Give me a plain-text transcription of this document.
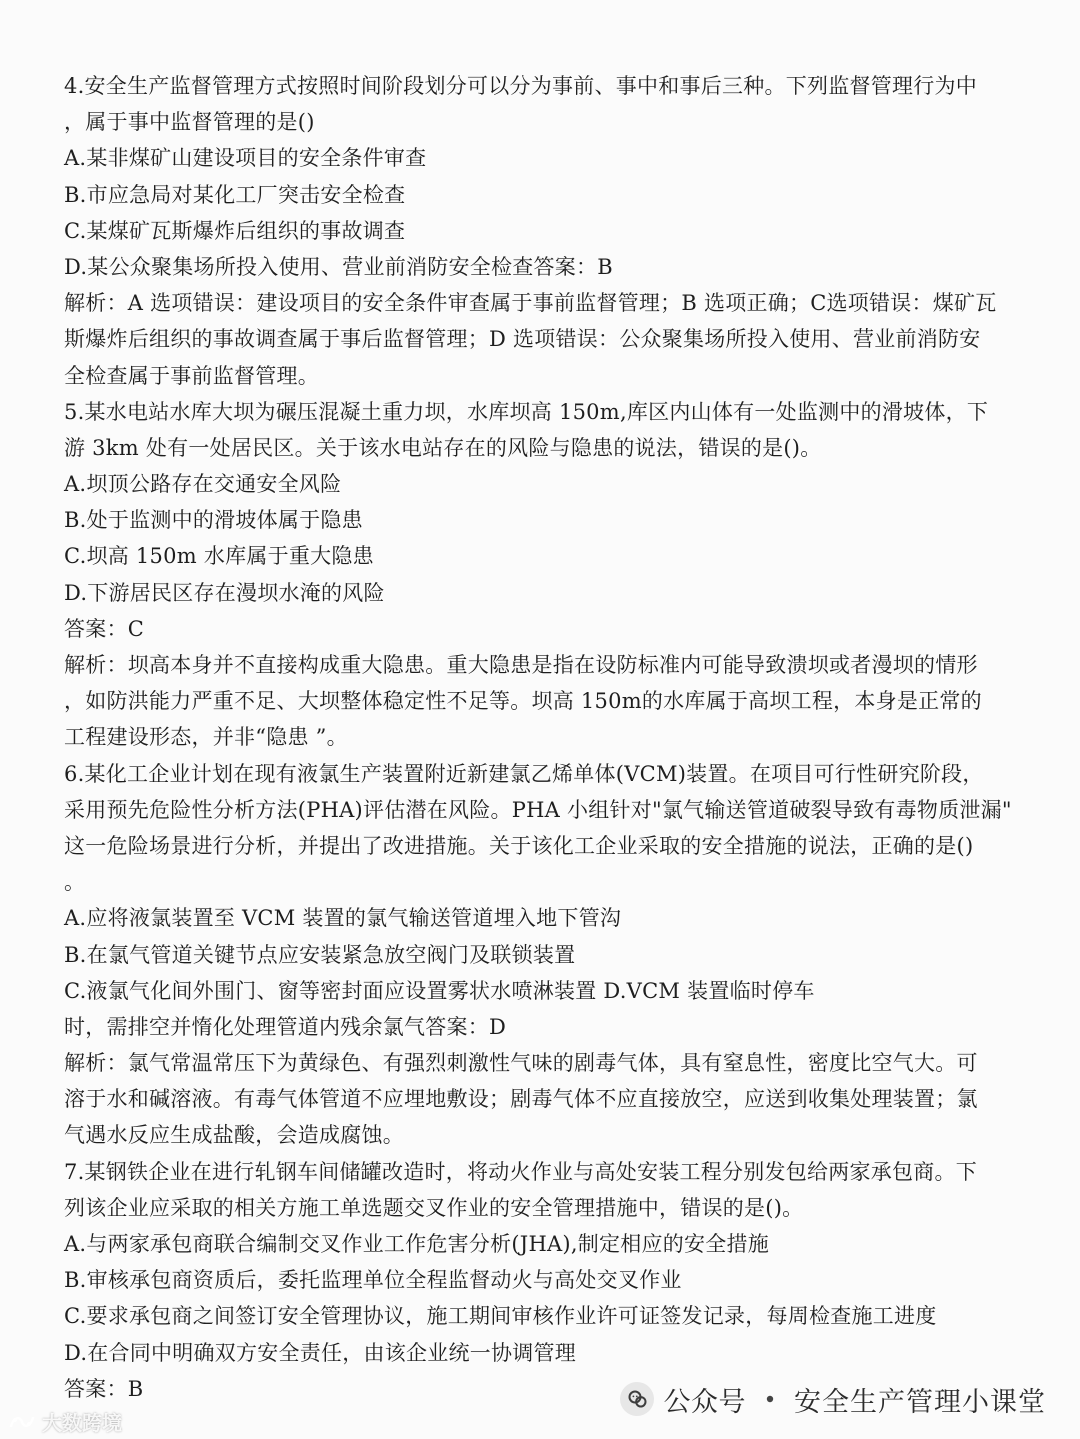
4.安全生产监督管理方式按照时间阶段划分可以分为事前、事中和事后三种。下列监督管理行为中
，属于事中监督管理的是()
A.某非煤矿山建设项目的安全条件审查
B.市应急局对某化工厂突击安全检查
C.某煤矿瓦斯爆炸后组织的事故调查
D.某公众聚集场所投入使用、营业前消防安全检查答案：B
解析：A 选项错误：建设项目的安全条件审查属于事前监督管理；B 选项正确；C选项错误：煤矿瓦
斯爆炸后组织的事故调查属于事后监督管理；D 选项错误：公众聚集场所投入使用、营业前消防安
全检查属于事前监督管理。
5.某水电站水库大坝为碾压混凝土重力坝，水库坝高 150m,库区内山体有一处监测中的滑坡体，下
游 3km 处有一处居民区。关于该水电站存在的风险与隐患的说法，错误的是()。
A.坝顶公路存在交通安全风险
B.处于监测中的滑坡体属于隐患
C.坝高 150m 水库属于重大隐患
D.下游居民区存在漫坝水淹的风险
答案：C
解析：坝高本身并不直接构成重大隐患。重大隐患是指在设防标准内可能导致溃坝或者漫坝的情形
，如防洪能力严重不足、大坝整体稳定性不足等。坝高 150m的水库属于高坝工程，本身是正常的
工程建设形态，并非“隐患 ”。
6.某化工企业计划在现有液氯生产装置附近新建氯乙烯单体(VCM)装置。在项目可行性研究阶段，
采用预先危险性分析方法(PHA)评估潜在风险。PHA 小组针对"氯气输送管道破裂导致有毒物质泄漏"
这一危险场景进行分析，并提出了改进措施。关于该化工企业采取的安全措施的说法，正确的是()
。
A.应将液氯装置至 VCM 装置的氯气输送管道埋入地下管沟
B.在氯气管道关键节点应安装紧急放空阀门及联锁装置
C.液氯气化间外围门、窗等密封面应设置雾状水喷淋装置 D.VCM 装置临时停车
时，需排空并惰化处理管道内残余氯气答案：D
解析：氯气常温常压下为黄绿色、有强烈刺激性气味的剧毒气体，具有窒息性，密度比空气大。可
溶于水和碱溶液。有毒气体管道不应埋地敷设；剧毒气体不应直接放空，应送到收集处理装置；氯
气遇水反应生成盐酸，会造成腐蚀。
7.某钢铁企业在进行轧钢车间储罐改造时，将动火作业与高处安装工程分别发包给两家承包商。下
列该企业应采取的相关方施工单选题交叉作业的安全管理措施中，错误的是()。
A.与两家承包商联合编制交叉作业工作危害分析(JHA),制定相应的安全措施
B.审核承包商资质后，委托监理单位全程监督动火与高处交叉作业
C.要求承包商之间签订安全管理协议，施工期间审核作业许可证签发记录，每周检查施工进度
D.在合同中明确双方安全责任，由该企业统一协调管理
答案：B	公众号 安全生产管理小课堂
大数跨境
